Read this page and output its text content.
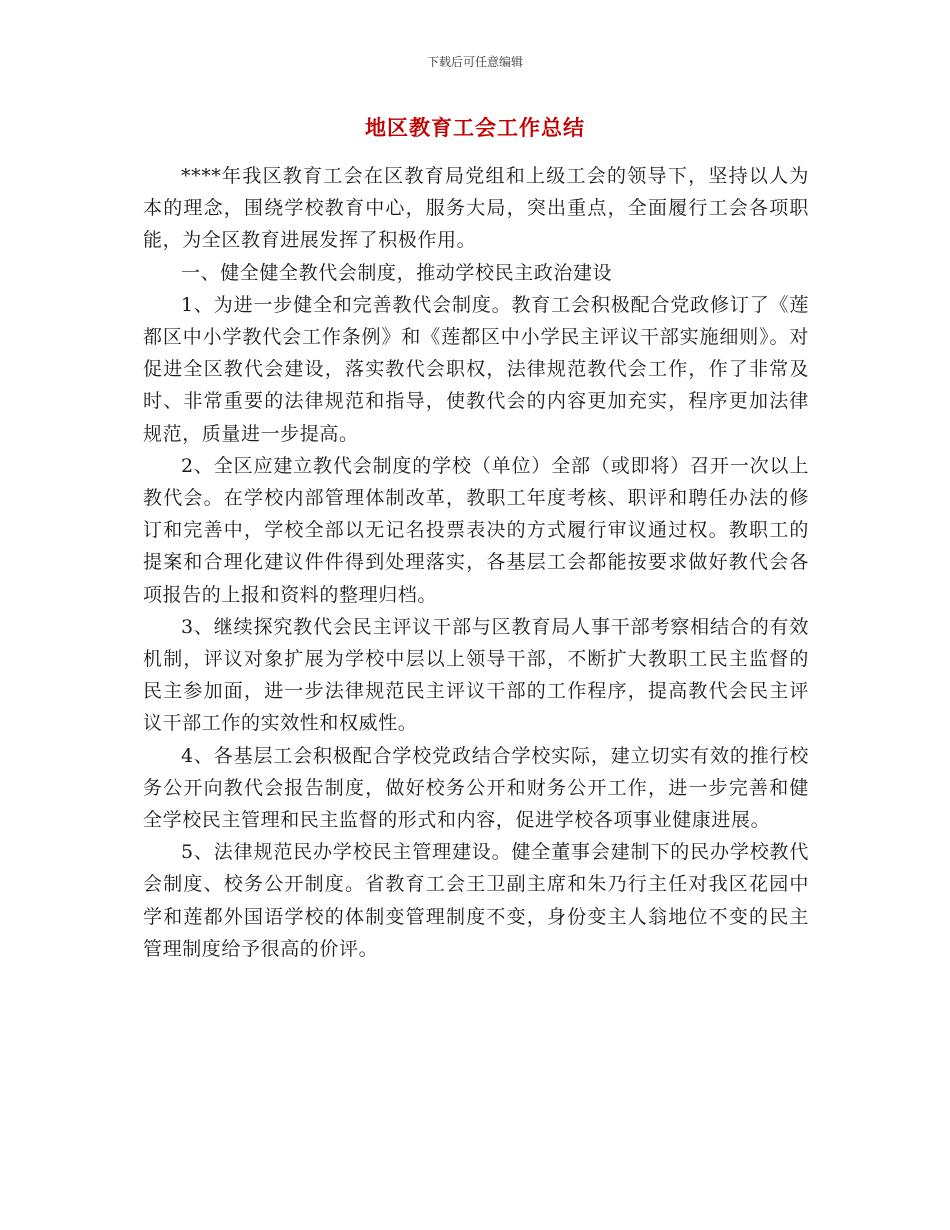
下载后可任意编辑
地区教育工会工作总结

****年我区教育工会在区教育局党组和上级工会的领导下，坚持以人为本的理念，围绕学校教育中心，服务大局，突出重点，全面履行工会各项职能，为全区教育进展发挥了积极作用。

一、健全健全教代会制度，推动学校民主政治建设

1、为进一步健全和完善教代会制度。教育工会积极配合党政修订了《莲都区中小学教代会工作条例》和《莲都区中小学民主评议干部实施细则》。对促进全区教代会建设，落实教代会职权，法律规范教代会工作，作了非常及时、非常重要的法律规范和指导，使教代会的内容更加充实，程序更加法律规范，质量进一步提高。

2、全区应建立教代会制度的学校（单位）全部（或即将）召开一次以上教代会。在学校内部管理体制改革，教职工年度考核、职评和聘任办法的修订和完善中，学校全部以无记名投票表决的方式履行审议通过权。教职工的提案和合理化建议件件得到处理落实，各基层工会都能按要求做好教代会各项报告的上报和资料的整理归档。

3、继续探究教代会民主评议干部与区教育局人事干部考察相结合的有效机制，评议对象扩展为学校中层以上领导干部，不断扩大教职工民主监督的民主参加面，进一步法律规范民主评议干部的工作程序，提高教代会民主评议干部工作的实效性和权威性。

4、各基层工会积极配合学校党政结合学校实际，建立切实有效的推行校务公开向教代会报告制度，做好校务公开和财务公开工作，进一步完善和健全学校民主管理和民主监督的形式和内容，促进学校各项事业健康进展。

5、法律规范民办学校民主管理建设。健全董事会建制下的民办学校教代会制度、校务公开制度。省教育工会王卫副主席和朱乃行主任对我区花园中学和莲都外国语学校的体制变管理制度不变，身份变主人翁地位不变的民主管理制度给予很高的价评。
